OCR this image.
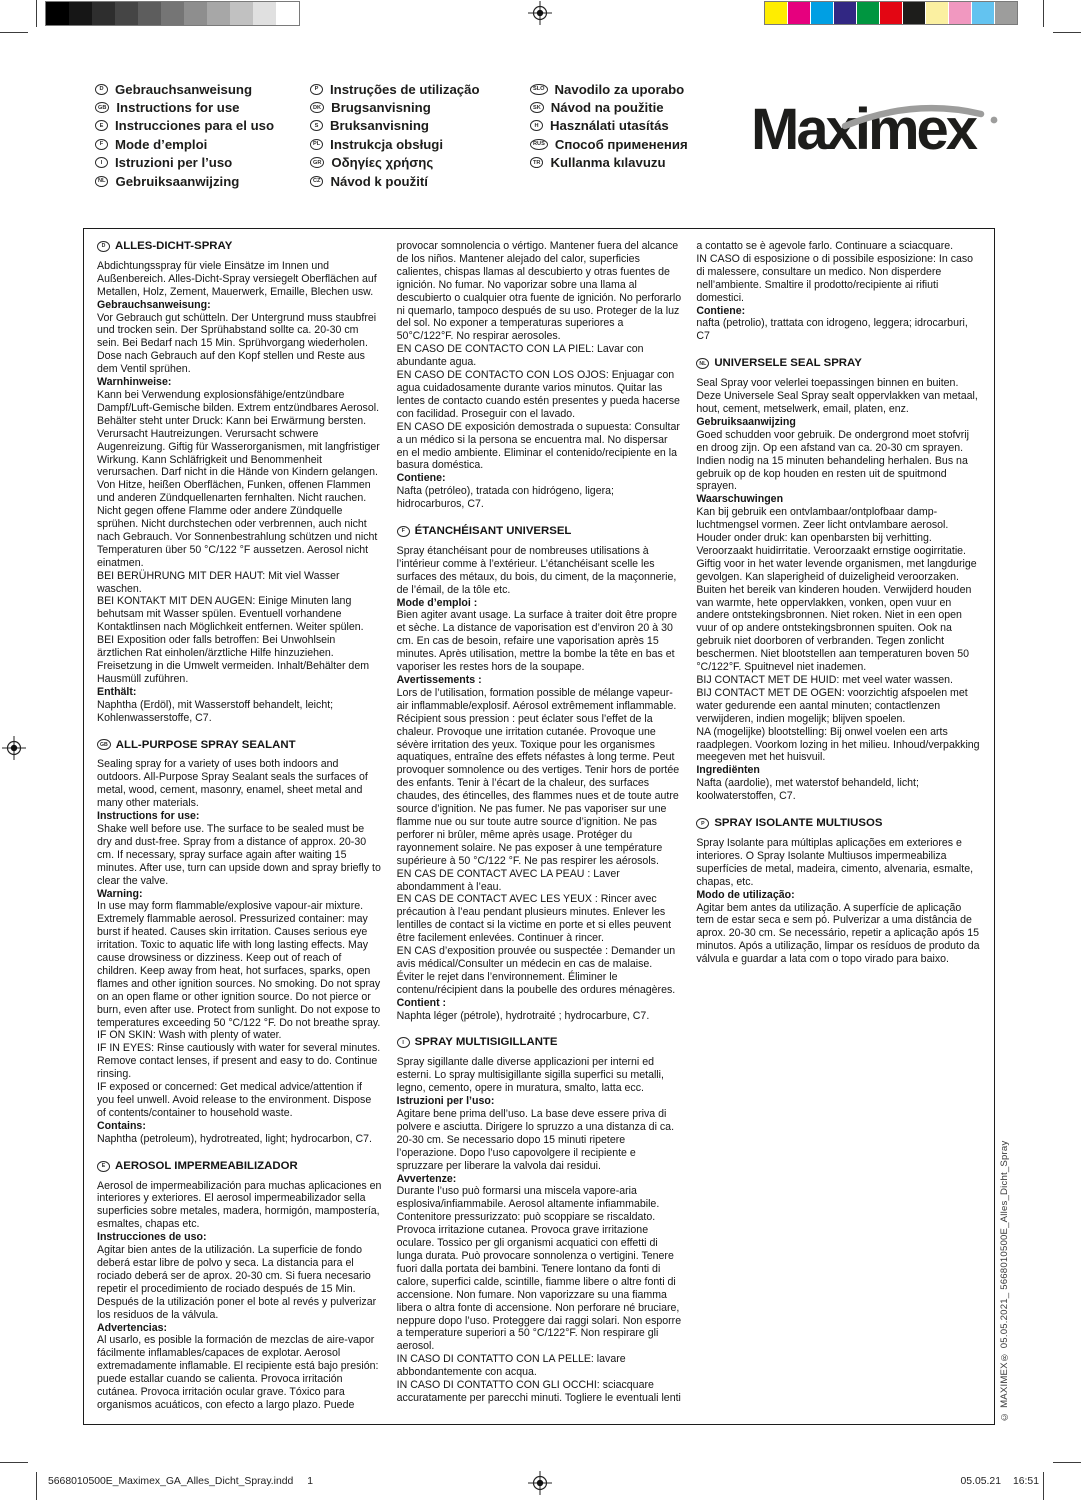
D Gebrauchsanweisung
GB Instructions for use
E Instrucciones para el uso
F Mode d’emploi
I Istruzioni per l’uso
NL Gebruiksaanwijzing
P Instruções de utilização
DK Brugsanvisning
S Bruksanvisning
PL Instrukcja obsługi
GR Οδηγίες χρήσης
CZ Návod k použití
SLO Navodilo za uporabo
SK Návod na použitie
H Használati utasítás
RUS Способ применения
TR Kullanma kılavuzu
Maximex
D ALLES-DICHT-SPRAY

Abdichtungsspray für viele Einsätze im Innen und Außenbereich. Alles-Dicht-Spray versiegelt Oberflächen auf Metallen, Holz, Zement, Mauerwerk, Emaille, Blechen usw.

Gebrauchsanweisung:

Vor Gebrauch gut schütteln. Der Untergrund muss staubfrei und trocken sein. Der Sprühabstand sollte ca. 20-30 cm sein. Bei Bedarf nach 15 Min. Sprühvorgang wiederholen. Dose nach Gebrauch auf den Kopf stellen und Reste aus dem Ventil sprühen.

Warnhinweise:

Kann bei Verwendung explosionsfähige/entzündbare Dampf/Luft-Gemische bilden. Extrem entzündbares Aerosol. Behälter steht unter Druck: Kann bei Erwärmung bersten. Verursacht Hautreizungen. Verursacht schwere Augenreizung. Giftig für Wasserorganismen, mit langfristiger Wirkung. Kann Schläfrigkeit und Benommenheit verursachen. Darf nicht in die Hände von Kindern gelangen. Von Hitze, heißen Oberflächen, Funken, offenen Flammen und anderen Zündquellenarten fernhalten. Nicht rauchen. Nicht gegen offene Flamme oder andere Zündquelle sprühen. Nicht durchstechen oder verbrennen, auch nicht nach Gebrauch. Vor Sonnenbestrahlung schützen und nicht Temperaturen über 50 °C/122 °F aussetzen. Aerosol nicht einatmen.

BEI BERÜHRUNG MIT DER HAUT: Mit viel Wasser waschen.

BEI KONTAKT MIT DEN AUGEN: Einige Minuten lang behutsam mit Wasser spülen. Eventuell vorhandene Kontaktlinsen nach Möglichkeit entfernen. Weiter spülen.

BEI Exposition oder falls betroffen: Bei Unwohlsein ärztlichen Rat einholen/ärztliche Hilfe hinzuziehen. Freisetzung in die Umwelt vermeiden. Inhalt/Behälter dem Hausmüll zuführen.

Enthält:

Naphtha (Erdöl), mit Wasserstoff behandelt, leicht; Kohlenwasserstoffe, C7.

GB ALL-PURPOSE SPRAY SEALANT

Sealing spray for a variety of uses both indoors and outdoors. All-Purpose Spray Sealant seals the surfaces of metal, wood, cement, masonry, enamel, sheet metal and many other materials.

Instructions for use:

Shake well before use. The surface to be sealed must be dry and dust-free. Spray from a distance of approx. 20-30 cm. If necessary, spray surface again after waiting 15 minutes. After use, turn can upside down and spray briefly to clear the valve.

Warning:

In use may form flammable/explosive vapour-air mixture. Extremely flammable aerosol. Pressurized container: may burst if heated. Causes skin irritation. Causes serious eye irritation. Toxic to aquatic life with long lasting effects. May cause drowsiness or dizziness. Keep out of reach of children. Keep away from heat, hot surfaces, sparks, open flames and other ignition sources. No smoking. Do not spray on an open flame or other ignition source. Do not pierce or burn, even after use. Protect from sunlight. Do not expose to temperatures exceeding 50 °C/122 °F. Do not breathe spray.

IF ON SKIN: Wash with plenty of water.

IF IN EYES: Rinse cautiously with water for several minutes. Remove contact lenses, if present and easy to do. Continue rinsing.

IF exposed or concerned: Get medical advice/attention if you feel unwell. Avoid release to the environment. Dispose of contents/container to household waste.

Contains:

Naphtha (petroleum), hydrotreated, light; hydrocarbon, C7.

E AEROSOL IMPERMEABILIZADOR

Aerosol de impermeabilización para muchas aplicaciones en interiores y exteriores. El aerosol impermeabilizador sella superficies sobre metales, madera, hormigón, mampostería, esmaltes, chapas etc.

Instrucciones de uso:

Agitar bien antes de la utilización. La superficie de fondo deberá estar libre de polvo y seca. La distancia para el rociado deberá ser de aprox. 20-30 cm. Si fuera necesario repetir el procedimiento de rociado después de 15 Min. Después de la utilización poner el bote al revés y pulverizar los residuos de la válvula.

Advertencias:

Al usarlo, es posible la formación de mezclas de aire-vapor fácilmente inflamables/capaces de explotar. Aerosol extremadamente inflamable. El recipiente está bajo presión: puede estallar cuando se calienta. Provoca irritación cutánea. Provoca irritación ocular grave. Tóxico para organismos acuáticos, con efecto a largo plazo. Puede provocar somnolencia o vértigo. Mantener fuera del alcance de los niños. Mantener alejado del calor, superficies calientes, chispas llamas al descubierto y otras fuentes de ignición. No fumar. No vaporizar sobre una llama al descubierto o cualquier otra fuente de ignición. No perforarlo ni quemarlo, tampoco después de su uso. Proteger de la luz del sol. No exponer a temperaturas superiores a 50°C/122°F. No respirar aerosoles.

EN CASO DE CONTACTO CON LA PIEL: Lavar con abundante agua.

EN CASO DE CONTACTO CON LOS OJOS: Enjuagar con agua cuidadosamente durante varios minutos. Quitar las lentes de contacto cuando estén presentes y pueda hacerse con facilidad. Proseguir con el lavado.

EN CASO DE exposición demostrada o supuesta: Consultar a un médico si la persona se encuentra mal. No dispersar en el medio ambiente. Eliminar el contenido/recipiente en la basura doméstica.

Contiene:

Nafta (petróleo), tratada con hidrógeno, ligera; hidrocarburos, C7.

F ÉTANCHÉISANT UNIVERSEL

Spray étanchéisant pour de nombreuses utilisations à l’intérieur comme à l’extérieur. L’étanchéisant scelle les surfaces des métaux, du bois, du ciment, de la maçonnerie, de l’émail, de la tôle etc.

Mode d’emploi :

Bien agiter avant usage. La surface à traiter doit être propre et sèche. La distance de vaporisation est d’environ 20 à 30 cm. En cas de besoin, refaire une vaporisation après 15 minutes. Après utilisation, mettre la bombe la tête en bas et vaporiser les restes hors de la soupape.

Avertissements :

Lors de l’utilisation, formation possible de mélange vapeur-air inflammable/explosif. Aérosol extrêmement inflammable. Récipient sous pression : peut éclater sous l’effet de la chaleur. Provoque une irritation cutanée. Provoque une sévère irritation des yeux. Toxique pour les organismes aquatiques, entraîne des effets néfastes à long terme. Peut provoquer somnolence ou des vertiges. Tenir hors de portée des enfants. Tenir à l’écart de la chaleur, des surfaces chaudes, des étincelles, des flammes nues et de toute autre source d’ignition. Ne pas fumer. Ne pas vaporiser sur une flamme nue ou sur toute autre source d’ignition. Ne pas perforer ni brûler, même après usage. Protéger du rayonnement solaire. Ne pas exposer à une température supérieure à 50 °C/122 °F. Ne pas respirer les aérosols.

EN CAS DE CONTACT AVEC LA PEAU : Laver abondamment à l’eau.

EN CAS DE CONTACT AVEC LES YEUX : Rincer avec précaution à l’eau pendant plusieurs minutes. Enlever les lentilles de contact si la victime en porte et si elles peuvent être facilement enlevées. Continuer à rincer.

EN CAS d’exposition prouvée ou suspectée : Demander un avis médical/Consulter un médecin en cas de malaise. Éviter le rejet dans l’environnement. Éliminer le contenu/récipient dans la poubelle des ordures ménagères.

Contient :

Naphta léger (pétrole), hydrotraité ; hydrocarbure, C7.

I SPRAY MULTISIGILLANTE

Spray sigillante dalle diverse applicazioni per interni ed esterni. Lo spray multisigillante sigilla superfici su metalli, legno, cemento, opere in muratura, smalto, latta ecc.

Istruzioni per l’uso:

Agitare bene prima dell’uso. La base deve essere priva di polvere e asciutta. Dirigere lo spruzzo a una distanza di ca. 20-30 cm. Se necessario dopo 15 minuti ripetere l’operazione. Dopo l’uso capovolgere il recipiente e spruzzare per liberare la valvola dai residui.

Avvertenze:

Durante l’uso può formarsi una miscela vapore-aria esplosiva/infiammabile. Aerosol altamente infiammabile. Contenitore pressurizzato: può scoppiare se riscaldato. Provoca irritazione cutanea. Provoca grave irritazione oculare. Tossico per gli organismi acquatici con effetti di lunga durata. Può provocare sonnolenza o vertigini. Tenere fuori dalla portata dei bambini. Tenere lontano da fonti di calore, superfici calde, scintille, fiamme libere o altre fonti di accensione. Non fumare. Non vaporizzare su una fiamma libera o altra fonte di accensione. Non perforare né bruciare, neppure dopo l’uso. Proteggere dai raggi solari. Non esporre a temperature superiori a 50 °C/122°F. Non respirare gli aerosol.

IN CASO DI CONTATTO CON LA PELLE: lavare abbondantemente con acqua.

IN CASO DI CONTATTO CON GLI OCCHI: sciacquare accuratamente per parecchi minuti. Togliere le eventuali lenti a contatto se è agevole farlo. Continuare a sciacquare.

IN CASO di esposizione o di possibile esposizione: In caso di malessere, consultare un medico. Non disperdere nell’ambiente. Smaltire il prodotto/recipiente ai rifiuti domestici.

Contiene:

nafta (petrolio), trattata con idrogeno, leggera; idrocarburi, C7

NL UNIVERSELE SEAL SPRAY

Seal Spray voor velerlei toepassingen binnen en buiten. Deze Universele Seal Spray sealt oppervlakken van metaal, hout, cement, metselwerk, email, platen, enz.

Gebruiksaanwijzing

Goed schudden voor gebruik. De ondergrond moet stofvrij en droog zijn. Op een afstand van ca. 20-30 cm sprayen. Indien nodig na 15 minuten behandeling herhalen. Bus na gebruik op de kop houden en resten uit de spuitmond sprayen.

Waarschuwingen

Kan bij gebruik een ontvlambaar/ontplofbaar damp-luchtmengsel vormen. Zeer licht ontvlambare aerosol. Houder onder druk: kan openbarsten bij verhitting. Veroorzaakt huidirritatie. Veroorzaakt ernstige oogirritatie. Giftig voor in het water levende organismen, met langdurige gevolgen. Kan slaperigheid of duizeligheid veroorzaken. Buiten het bereik van kinderen houden. Verwijderd houden van warmte, hete oppervlakken, vonken, open vuur en andere ontstekingsbronnen. Niet roken. Niet in een open vuur of op andere ontstekingsbronnen spuiten. Ook na gebruik niet doorboren of verbranden. Tegen zonlicht beschermen. Niet blootstellen aan temperaturen boven 50 °C/122°F. Spuitnevel niet inademen.

BIJ CONTACT MET DE HUID: met veel water wassen.

BIJ CONTACT MET DE OGEN: voorzichtig afspoelen met water gedurende een aantal minuten; contactlenzen verwijderen, indien mogelijk; blijven spoelen.

NA (mogelijke) blootstelling: Bij onwel voelen een arts raadplegen. Voorkom lozing in het milieu. Inhoud/verpakking meegeven met het huisvuil.

Ingrediënten

Nafta (aardolie), met waterstof behandeld, licht; koolwaterstoffen, C7.

P SPRAY ISOLANTE MULTIUSOS

Spray Isolante para múltiplas aplicações em exteriores e interiores. O Spray Isolante Multiusos impermeabiliza superfícies de metal, madeira, cimento, alvenaria, esmalte, chapas, etc.

Modo de utilização:

Agitar bem antes da utilização. A superfície de aplicação tem de estar seca e sem pó. Pulverizar a uma distância de aprox. 20-30 cm. Se necessário, repetir a aplicação após 15 minutos. Após a utilização, limpar os resíduos de produto da válvula e guardar a lata com o topo virado para baixo.

© MAXIMEX® 05.05.2021_ 5668010500E_Alles_Dicht_Spray
5668010500E_Maximex_GA_Alles_Dicht_Spray.indd 1	05.05.21 16:51
